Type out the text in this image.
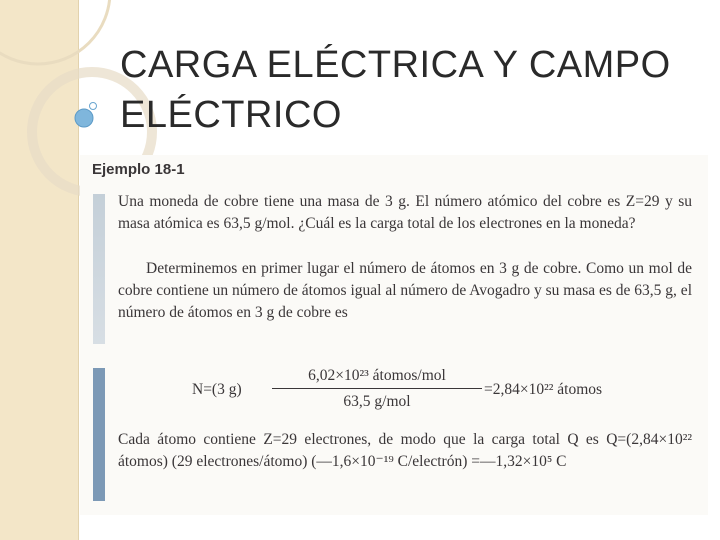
CARGA ELÉCTRICA Y CAMPO ELÉCTRICO
Ejemplo 18-1
Una moneda de cobre tiene una masa de 3 g. El número atómico del cobre es Z=29 y su masa atómica es 63,5 g/mol. ¿Cuál es la carga total de los electrones en la moneda?
Determinemos en primer lugar el número de átomos en 3 g de cobre. Como un mol de cobre contiene un número de átomos igual al número de Avogadro y su masa es de 63,5 g, el número de átomos en 3 g de cobre es
N=(3 g)
6,02×10²³ átomos/mol
63,5 g/mol
=2,84×10²² átomos
Cada átomo contiene Z=29 electrones, de modo que la carga total Q es Q=(2,84×10²² átomos) (29 electrones/átomo) (—1,6×10⁻¹⁹ C/electrón) =—1,32×10⁵ C
